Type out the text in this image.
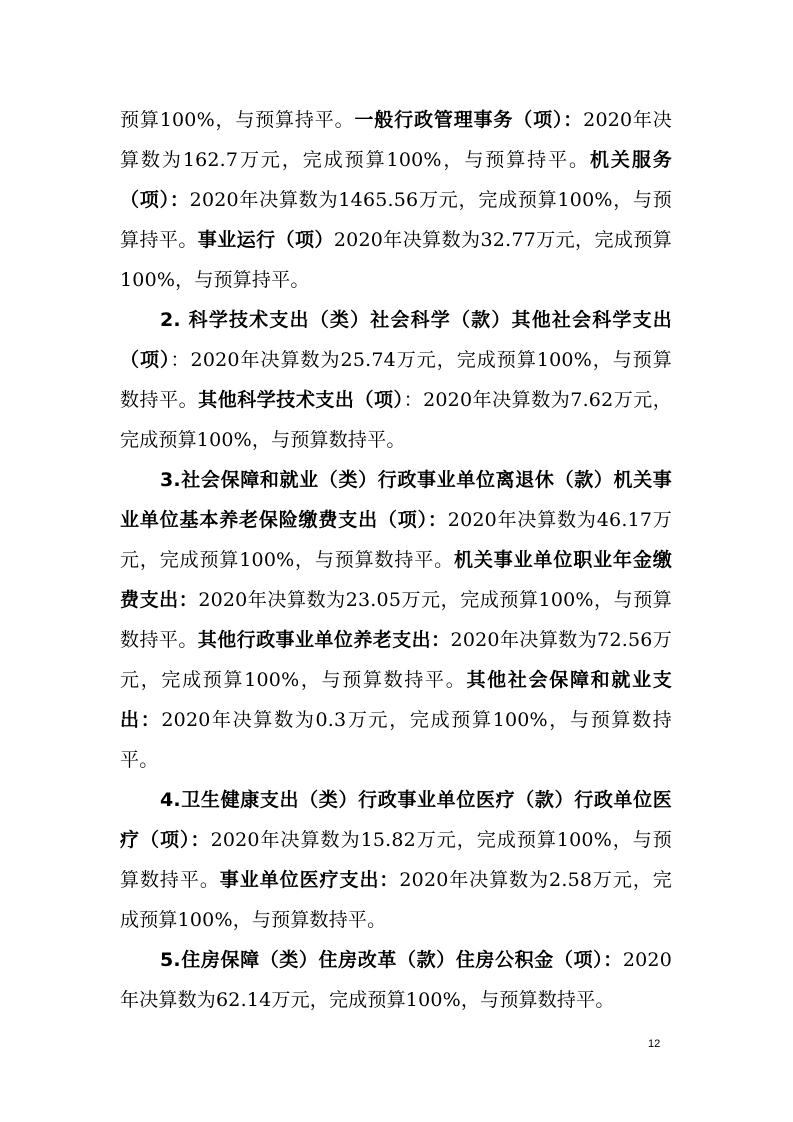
预算100%，与预算持平。一般行政管理事务（项）：2020年决算数为162.7万元，完成预算100%，与预算持平。机关服务（项）：2020年决算数为1465.56万元，完成预算100%，与预算持平。事业运行（项）2020年决算数为32.77万元，完成预算100%，与预算持平。

2. 科学技术支出（类）社会科学（款）其他社会科学支出（项）：2020年决算数为25.74万元，完成预算100%，与预算数持平。其他科学技术支出（项）：2020年决算数为7.62万元，完成预算100%，与预算数持平。

3.社会保障和就业（类）行政事业单位离退休（款）机关事业单位基本养老保险缴费支出（项）：2020年决算数为46.17万元，完成预算100%，与预算数持平。机关事业单位职业年金缴费支出：2020年决算数为23.05万元，完成预算100%，与预算数持平。其他行政事业单位养老支出：2020年决算数为72.56万元，完成预算100%，与预算数持平。其他社会保障和就业支出：2020年决算数为0.3万元，完成预算100%，与预算数持平。

4.卫生健康支出（类）行政事业单位医疗（款）行政单位医疗（项）：2020年决算数为15.82万元，完成预算100%，与预算数持平。事业单位医疗支出：2020年决算数为2.58万元，完成预算100%，与预算数持平。

5.住房保障（类）住房改革（款）住房公积金（项）：2020年决算数为62.14万元，完成预算100%，与预算数持平。

12
